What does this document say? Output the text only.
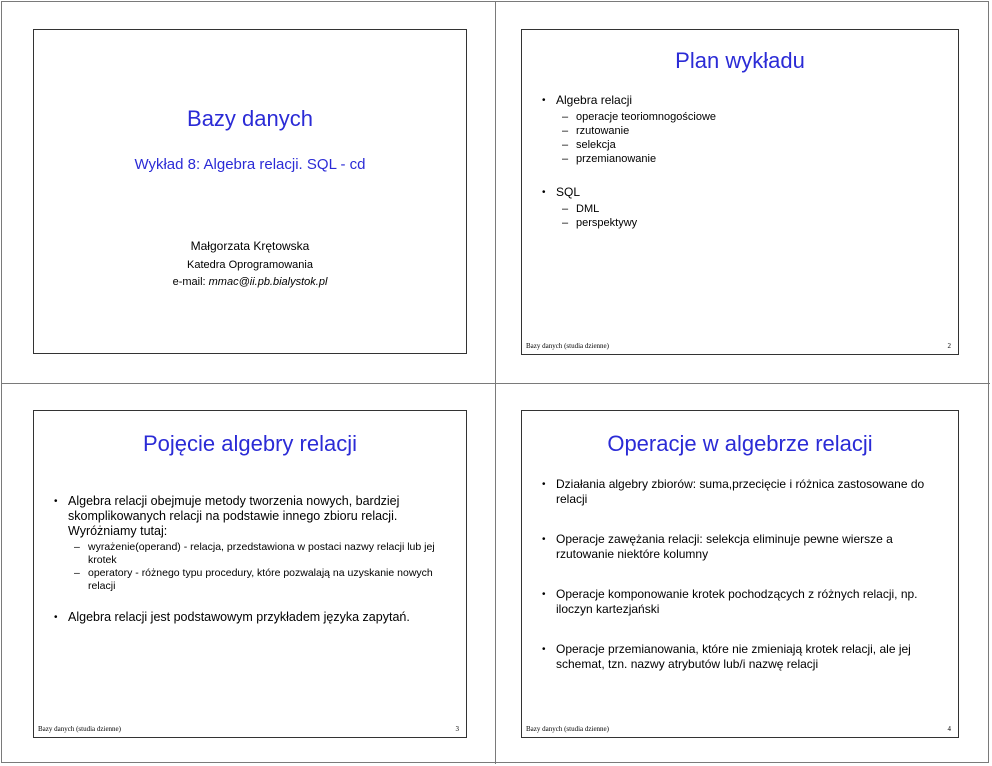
Bazy danych
Wykład 8: Algebra relacji. SQL - cd
Małgorzata Krętowska
Katedra Oprogramowania
e-mail: mmac@ii.pb.bialystok.pl
Plan wykładu
• Algebra relacji
– operacje teoriomnogościowe
– rzutowanie
– selekcja
– przemianowanie
• SQL
– DML
– perspektywy
Bazy danych (studia dzienne)	2
Pojęcie algebry relacji
• Algebra relacji obejmuje metody tworzenia nowych, bardziej skomplikowanych relacji na podstawie innego zbioru relacji. Wyróżniamy tutaj:
– wyrażenie(operand) - relacja, przedstawiona w postaci nazwy relacji lub jej krotek
– operatory - różnego typu procedury, które pozwalają na uzyskanie nowych relacji
• Algebra relacji jest podstawowym przykładem języka zapytań.
Bazy danych (studia dzienne)	3
Operacje w algebrze relacji
• Działania algebry zbiorów: suma,przecięcie i różnica zastosowane do relacji
• Operacje zawężania relacji: selekcja eliminuje pewne wiersze a rzutowanie niektóre kolumny
• Operacje komponowanie krotek pochodzących z różnych relacji, np. iloczyn kartezjański
• Operacje przemianowania, które nie zmieniają krotek relacji, ale jej schemat, tzn. nazwy atrybutów lub/i nazwę relacji
Bazy danych (studia dzienne)	4
